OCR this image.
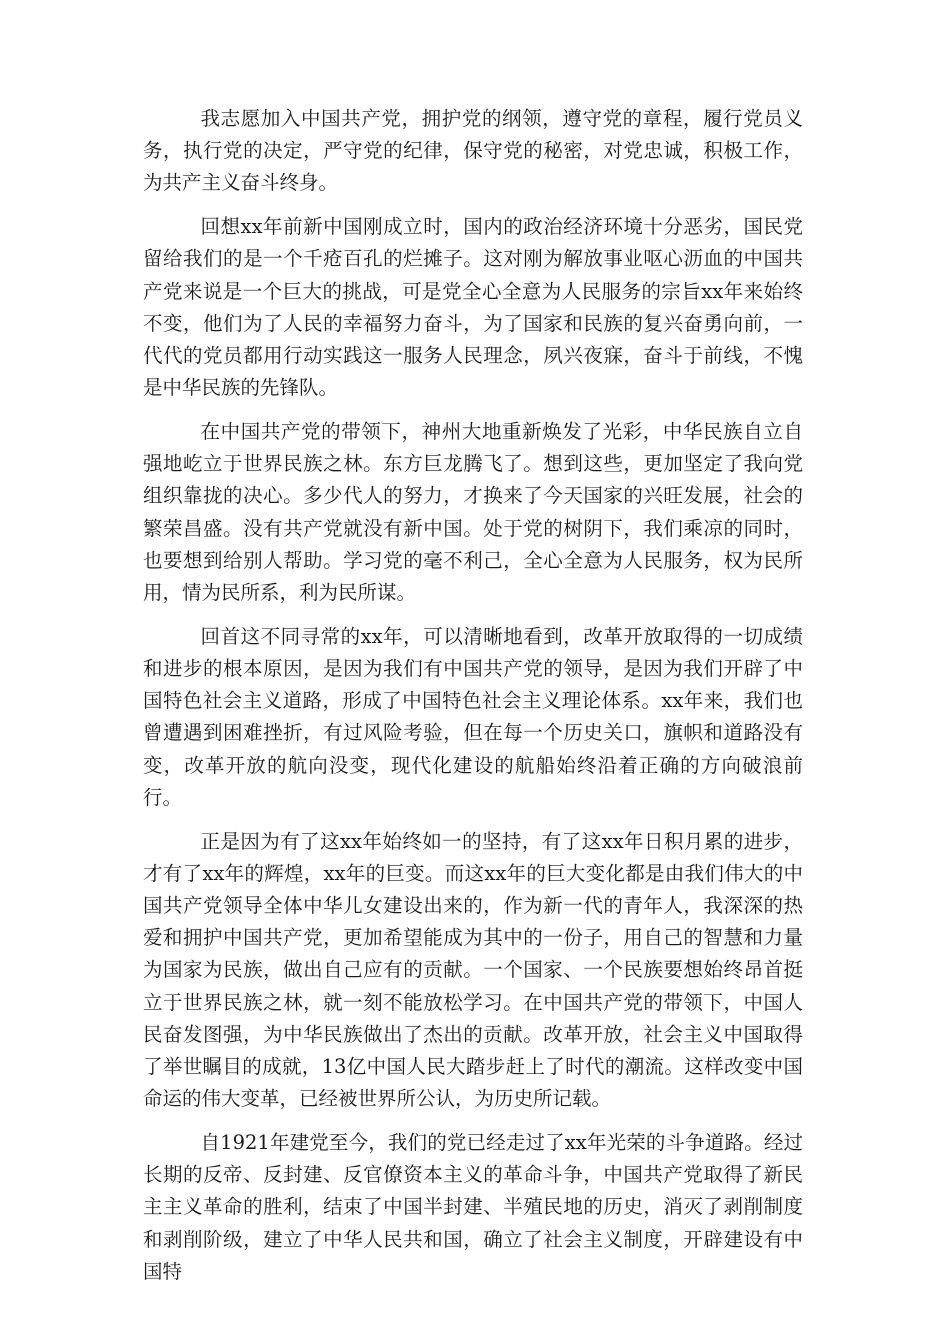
我志愿加入中国共产党，拥护党的纲领，遵守党的章程，履行党员义务，执行党的决定，严守党的纪律，保守党的秘密，对党忠诚，积极工作，为共产主义奋斗终身。

回想xx年前新中国刚成立时，国内的政治经济环境十分恶劣，国民党留给我们的是一个千疮百孔的烂摊子。这对刚为解放事业呕心沥血的中国共产党来说是一个巨大的挑战，可是党全心全意为人民服务的宗旨xx年来始终不变，他们为了人民的幸福努力奋斗，为了国家和民族的复兴奋勇向前，一代代的党员都用行动实践这一服务人民理念，夙兴夜寐，奋斗于前线，不愧是中华民族的先锋队。

在中国共产党的带领下，神州大地重新焕发了光彩，中华民族自立自强地屹立于世界民族之林。东方巨龙腾飞了。想到这些，更加坚定了我向党组织靠拢的决心。多少代人的努力，才换来了今天国家的兴旺发展，社会的繁荣昌盛。没有共产党就没有新中国。处于党的树阴下，我们乘凉的同时，也要想到给别人帮助。学习党的毫不利己，全心全意为人民服务，权为民所用，情为民所系，利为民所谋。

回首这不同寻常的xx年，可以清晰地看到，改革开放取得的一切成绩和进步的根本原因，是因为我们有中国共产党的领导，是因为我们开辟了中国特色社会主义道路，形成了中国特色社会主义理论体系。xx年来，我们也曾遭遇到困难挫折，有过风险考验，但在每一个历史关口，旗帜和道路没有变，改革开放的航向没变，现代化建设的航船始终沿着正确的方向破浪前行。

正是因为有了这xx年始终如一的坚持，有了这xx年日积月累的进步，才有了xx年的辉煌，xx年的巨变。而这xx年的巨大变化都是由我们伟大的中国共产党领导全体中华儿女建设出来的，作为新一代的青年人，我深深的热爱和拥护中国共产党，更加希望能成为其中的一份子，用自己的智慧和力量为国家为民族，做出自己应有的贡献。一个国家、一个民族要想始终昂首挺立于世界民族之林，就一刻不能放松学习。在中国共产党的带领下，中国人民奋发图强，为中华民族做出了杰出的贡献。改革开放，社会主义中国取得了举世瞩目的成就，13亿中国人民大踏步赶上了时代的潮流。这样改变中国命运的伟大变革，已经被世界所公认，为历史所记载。

自1921年建党至今，我们的党已经走过了xx年光荣的斗争道路。经过长期的反帝、反封建、反官僚资本主义的革命斗争，中国共产党取得了新民主主义革命的胜利，结束了中国半封建、半殖民地的历史，消灭了剥削制度和剥削阶级，建立了中华人民共和国，确立了社会主义制度，开辟建设有中国特
